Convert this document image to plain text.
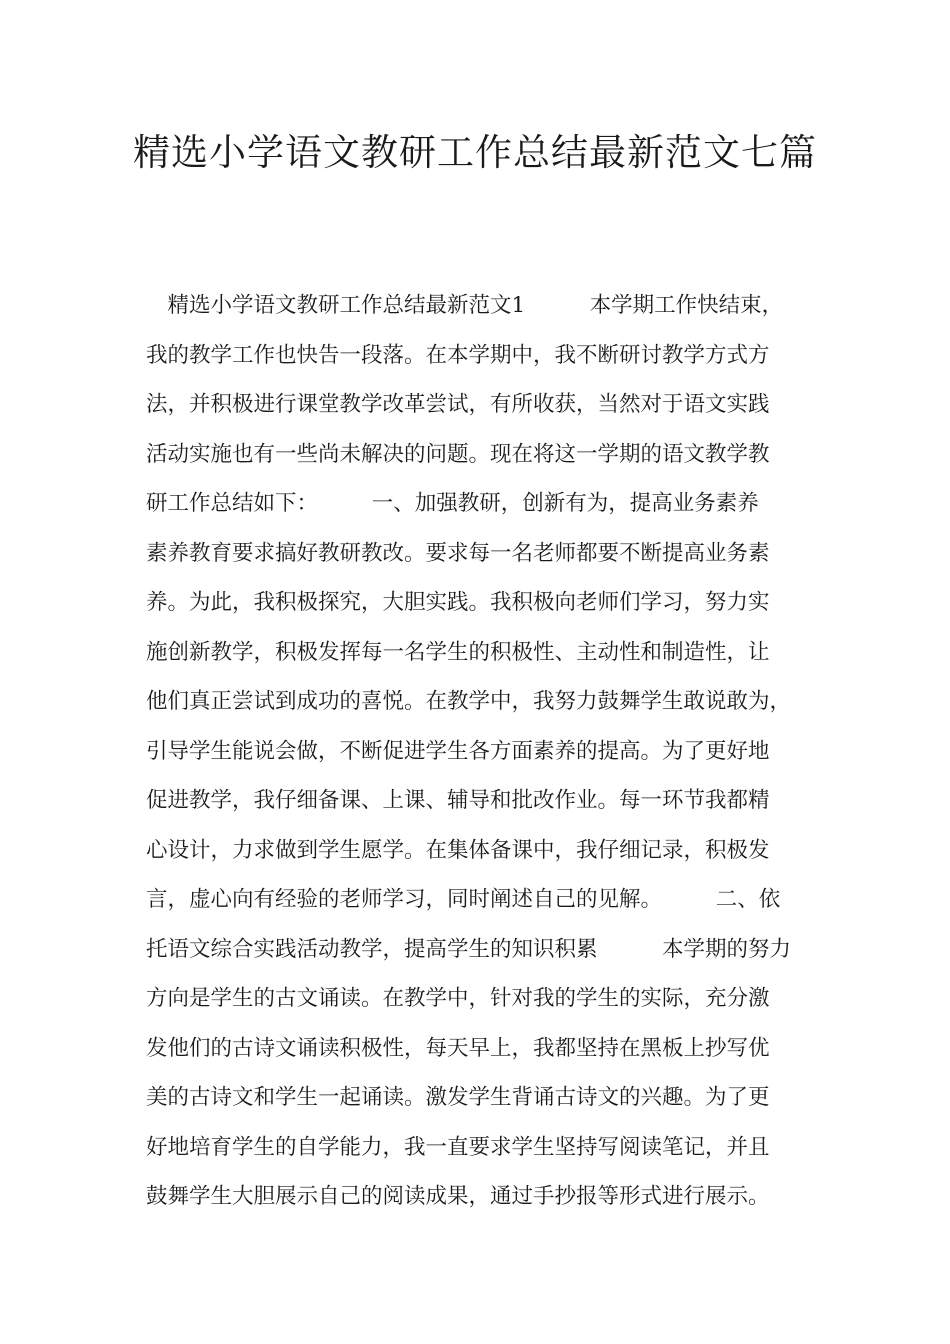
精选小学语文教研工作总结最新范文七篇
　精选小学语文教研工作总结最新范文1　　　本学期工作快结束，
我的教学工作也快告一段落。在本学期中，我不断研讨教学方式方
法，并积极进行课堂教学改革尝试，有所收获，当然对于语文实践
活动实施也有一些尚未解决的问题。现在将这一学期的语文教学教
研工作总结如下：　　　一、加强教研，创新有为，提高业务素养
素养教育要求搞好教研教改。要求每一名老师都要不断提高业务素
养。为此，我积极探究，大胆实践。我积极向老师们学习，努力实
施创新教学，积极发挥每一名学生的积极性、主动性和制造性，让
他们真正尝试到成功的喜悦。在教学中，我努力鼓舞学生敢说敢为，
引导学生能说会做，不断促进学生各方面素养的提高。为了更好地
促进教学，我仔细备课、上课、辅导和批改作业。每一环节我都精
心设计，力求做到学生愿学。在集体备课中，我仔细记录，积极发
言，虚心向有经验的老师学习，同时阐述自己的见解。　　　二、依
托语文综合实践活动教学，提高学生的知识积累　　　本学期的努力
方向是学生的古文诵读。在教学中，针对我的学生的实际，充分激
发他们的古诗文诵读积极性，每天早上，我都坚持在黑板上抄写优
美的古诗文和学生一起诵读。激发学生背诵古诗文的兴趣。为了更
好地培育学生的自学能力，我一直要求学生坚持写阅读笔记，并且
鼓舞学生大胆展示自己的阅读成果，通过手抄报等形式进行展示。
